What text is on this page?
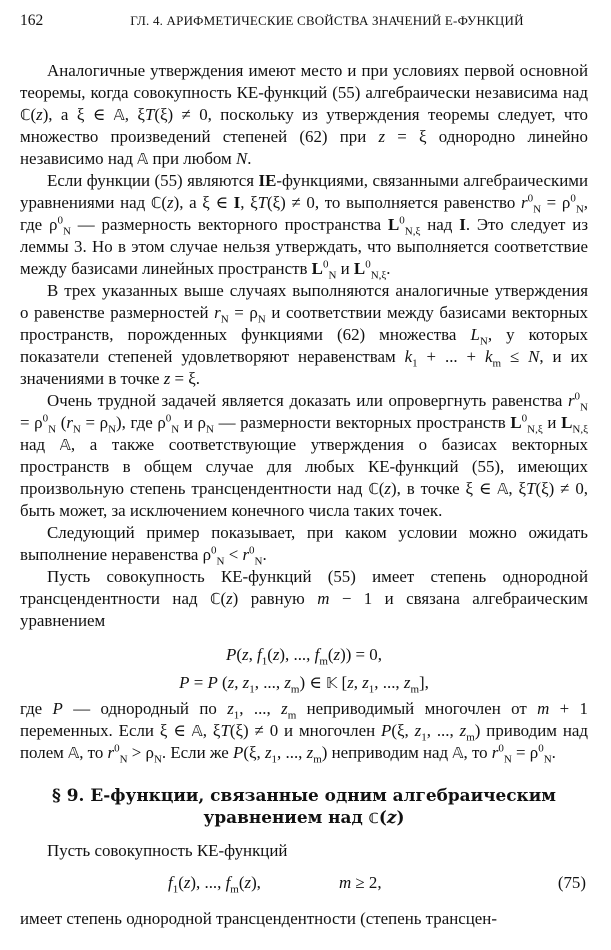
162	ГЛ. 4. АРИФМЕТИЧЕСКИЕ СВОЙСТВА ЗНАЧЕНИЙ Е-ФУНКЦИЙ

Аналогичные утверждения имеют место и при условиях первой основной теоремы, когда совокупность КЕ-функций (55) алгебраически независима над ℂ(z), а ξ ∈ 𝔸, ξT(ξ) ≠ 0, поскольку из утверждения теоремы следует, что множество произведений степеней (62) при z = ξ однородно линейно независимо над 𝔸 при любом N.

Если функции (55) являются IE-функциями, связанными алгебраическими уравнениями над ℂ(z), а ξ ∈ I, ξT(ξ) ≠ 0, то выполняется равенство $r^0_N = \rho^0_N$, где $\rho^0_N$ — размерность векторного пространства $L^0_{N,\xi}$ над I. Это следует из леммы 3. Но в этом случае нельзя утверждать, что выполняется соответствие между базисами линейных пространств $L^0_N$ и $L^0_{N,\xi}$.

В трех указанных выше случаях выполняются аналогичные утверждения о равенстве размерностей $r_N = \rho_N$ и соответствии между базисами векторных пространств, порожденных функциями (62) множества $L_N$, у которых показатели степеней удовлетворяют неравенствам $k_1$ + ... + $k_m \le N$, и их значениями в точке z = ξ.

Очень трудной задачей является доказать или опровергнуть равенства $r^0_N = \rho^0_N$ $(r_N = \rho_N)$, где $\rho^0_N$ и $\rho_N$ — размерности векторных пространств $L^0_{N,\xi}$ и $L_{N,\xi}$ над 𝔸, а также соответствующие утверждения о базисах векторных пространств в общем случае для любых КЕ-функций (55), имеющих произвольную степень трансцендентности над ℂ(z), в точке ξ ∈ 𝔸, ξT(ξ) ≠ 0, быть может, за исключением конечного числа таких точек.

Следующий пример показывает, при каком условии можно ожидать выполнение неравенства $\rho^0_N < r^0_N$.

Пусть совокупность КЕ-функций (55) имеет степень однородной трансцендентности над ℂ(z) равную m − 1 и связана алгебраическим уравнением

P(z, $f_1(z)$, ..., $f_m(z)) = 0$,
P = P (z, $z_1$, ..., $z_m$) ∈ 𝕂 [z, $z_1$, ..., $z_m$],

где P — однородный по $z_1$, ..., $z_m$ неприводимый многочлен от m + 1 переменных. Если ξ ∈ 𝔸, ξT(ξ) ≠ 0 и многочлен P(ξ, $z_1$, ..., $z_m$) приводим над полем 𝔸, то $r^0_N > \rho_N$. Если же P(ξ, $z_1$, ..., $z_m$) неприводим над 𝔸, то $r^0_N = \rho^0_N$.

§ 9. Е-функции, связанные одним алгебраическим уравнением над ℂ(z)

Пусть совокупность КЕ-функций

$f_1(z)$, ..., $f_m(z)$,	m ≥ 2,	(75)

имеет степень однородной трансцендентности (степень трансцен-
